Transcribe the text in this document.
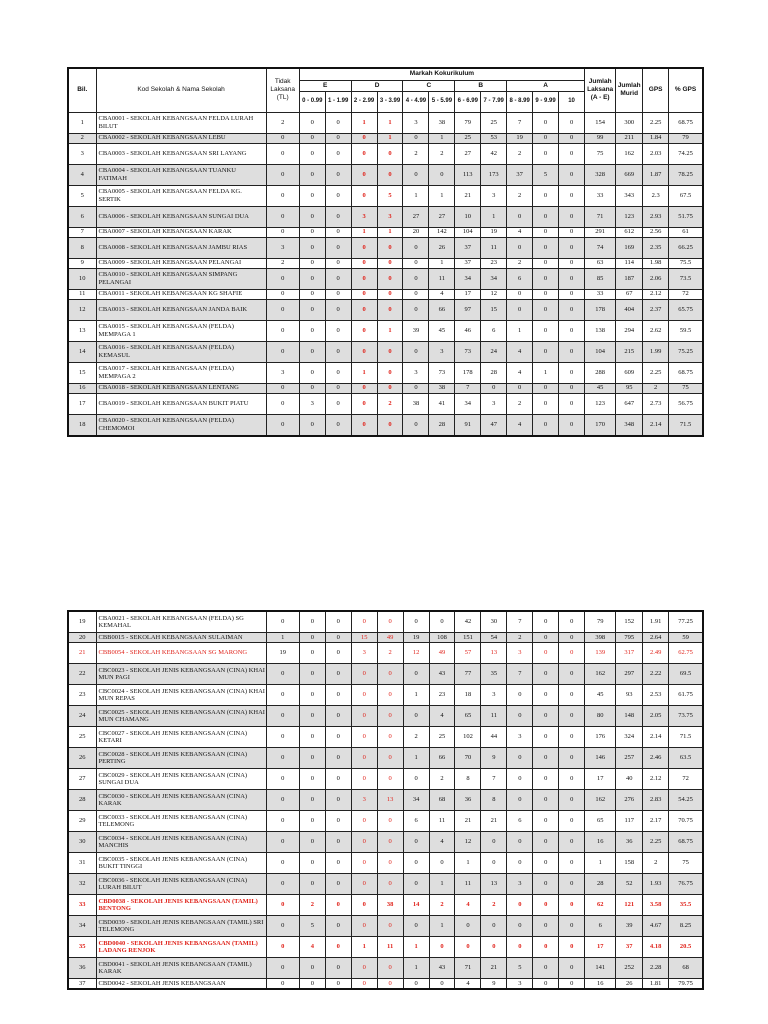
Bil.	Kod Sekolah & Nama Sekolah	Tidak Laksana (TL)	Markah Kokurikulum											Jumlah Laksana (A - E)	Jumlah Murid	GPS	% GPS
			E		D		C		B		A						
			0 - 0.99	1 - 1.99	2 - 2.99	3 - 3.99	4 - 4.99	5 - 5.99	6 - 6.99	7 - 7.99	8 - 8.99	9 - 9.99	10				
1	CBA0001 - SEKOLAH KEBANGSAAN FELDA LURAH BILUT	2	0	0	1	1	3	38	79	25	7	0	0	154	300	2.25	68.75
2	CBA0002 - SEKOLAH KEBANGSAAN LEBU	0	0	0	0	1	0	1	25	53	19	0	0	99	211	1.84	79
3	CBA0003 - SEKOLAH KEBANGSAAN SRI LAYANG	0	0	0	0	0	2	2	27	42	2	0	0	75	162	2.03	74.25
4	CBA0004 - SEKOLAH KEBANGSAAN TUANKU FATIMAH	0	0	0	0	0	0	0	113	173	37	5	0	328	669	1.87	78.25
5	CBA0005 - SEKOLAH KEBANGSAAN FELDA KG. SERTIK	0	0	0	0	5	1	1	21	3	2	0	0	33	343	2.3	67.5
6	CBA0006 - SEKOLAH KEBANGSAAN SUNGAI DUA	0	0	0	3	3	27	27	10	1	0	0	0	71	123	2.93	51.75
7	CBA0007 - SEKOLAH KEBANGSAAN KARAK	0	0	0	1	1	20	142	104	19	4	0	0	291	612	2.56	61
8	CBA0008 - SEKOLAH KEBANGSAAN JAMBU RIAS	3	0	0	0	0	0	26	37	11	0	0	0	74	169	2.35	66.25
9	CBA0009 - SEKOLAH KEBANGSAAN PELANGAI	2	0	0	0	0	0	1	37	23	2	0	0	63	114	1.98	75.5
10	CBA0010 - SEKOLAH KEBANGSAAN SIMPANG PELANGAI	0	0	0	0	0	0	11	34	34	6	0	0	85	187	2.06	73.5
11	CBA0011 - SEKOLAH KEBANGSAAN KG SHAFIE	0	0	0	0	0	0	4	17	12	0	0	0	33	67	2.12	72
12	CBA0013 - SEKOLAH KEBANGSAAN JANDA BAIK	0	0	0	0	0	0	66	97	15	0	0	0	178	404	2.37	65.75
13	CBA0015 - SEKOLAH KEBANGSAAN (FELDA) MEMPAGA 1	0	0	0	0	1	39	45	46	6	1	0	0	138	294	2.62	59.5
14	CBA0016 - SEKOLAH KEBANGSAAN (FELDA) KEMASUL	0	0	0	0	0	0	3	73	24	4	0	0	104	215	1.99	75.25
15	CBA0017 - SEKOLAH KEBANGSAAN (FELDA) MEMPAGA 2	3	0	0	1	0	3	73	178	28	4	1	0	288	609	2.25	68.75
16	CBA0018 - SEKOLAH KEBANGSAAN LENTANG	0	0	0	0	0	0	38	7	0	0	0	0	45	95	2	75
17	CBA0019 - SEKOLAH KEBANGSAAN BUKIT PIATU	0	3	0	0	2	38	41	34	3	2	0	0	123	647	2.73	56.75
18	CBA0020 - SEKOLAH KEBANGSAAN (FELDA) CHEMOMOI	0	0	0	0	0	0	28	91	47	4	0	0	170	348	2.14	71.5
19	CBA0021 - SEKOLAH KEBANGSAAN (FELDA) SG KEMAHAL	0	0	0	0	0	0	0	42	30	7	0	0	79	152	1.91	77.25
20	CBB0015 - SEKOLAH KEBANGSAAN SULAIMAN	1	0	0	15	49	19	108	151	54	2	0	0	398	795	2.64	59
21	CBB0054 - SEKOLAH KEBANGSAAN SG MARONG	19	0	0	3	2	12	49	57	13	3	0	0	139	317	2.49	62.75
22	CBC0023 - SEKOLAH JENIS KEBANGSAAN (CINA) KHAI MUN PAGI	0	0	0	0	0	0	43	77	35	7	0	0	162	297	2.22	69.5
23	CBC0024 - SEKOLAH JENIS KEBANGSAAN (CINA) KHAI MUN REPAS	0	0	0	0	0	1	23	18	3	0	0	0	45	93	2.53	61.75
24	CBC0025 - SEKOLAH JENIS KEBANGSAAN (CINA) KHAI MUN CHAMANG	0	0	0	0	0	0	4	65	11	0	0	0	80	148	2.05	73.75
25	CBC0027 - SEKOLAH JENIS KEBANGSAAN (CINA) KETARI	0	0	0	0	0	2	25	102	44	3	0	0	176	324	2.14	71.5
26	CBC0028 - SEKOLAH JENIS KEBANGSAAN (CINA) PERTING	0	0	0	0	0	1	66	70	9	0	0	0	146	257	2.46	63.5
27	CBC0029 - SEKOLAH JENIS KEBANGSAAN (CINA) SUNGAI DUA	0	0	0	0	0	0	2	8	7	0	0	0	17	40	2.12	72
28	CBC0030 - SEKOLAH JENIS KEBANGSAAN (CINA) KARAK	0	0	0	3	13	34	68	36	8	0	0	0	162	276	2.83	54.25
29	CBC0033 - SEKOLAH JENIS KEBANGSAAN (CINA) TELEMONG	0	0	0	0	0	6	11	21	21	6	0	0	65	117	2.17	70.75
30	CBC0034 - SEKOLAH JENIS KEBANGSAAN (CINA) MANCHIS	0	0	0	0	0	0	4	12	0	0	0	0	16	36	2.25	68.75
31	CBC0035 - SEKOLAH JENIS KEBANGSAAN (CINA) BUKIT TINGGI	0	0	0	0	0	0	0	1	0	0	0	0	1	158	2	75
32	CBC0036 - SEKOLAH JENIS KEBANGSAAN (CINA) LURAH BILUT	0	0	0	0	0	0	1	11	13	3	0	0	28	52	1.93	76.75
33	CBD0038 - SEKOLAH JENIS KEBANGSAAN (TAMIL) BENTONG	0	2	0	0	38	14	2	4	2	0	0	0	62	121	3.58	35.5
34	CBD0039 - SEKOLAH JENIS KEBANGSAAN (TAMIL) SRI TELEMONG	0	5	0	0	0	0	1	0	0	0	0	0	6	39	4.67	8.25
35	CBD0040 - SEKOLAH JENIS KEBANGSAAN (TAMIL) LADANG RENJOK	0	4	0	1	11	1	0	0	0	0	0	0	17	37	4.18	20.5
36	CBD0041 - SEKOLAH JENIS KEBANGSAAN (TAMIL) KARAK	0	0	0	0	0	1	43	71	21	5	0	0	141	252	2.28	68
37	CBD0042 - SEKOLAH JENIS KEBANGSAAN	0	0	0	0	0	0	0	4	9	3	0	0	16	26	1.81	79.75
